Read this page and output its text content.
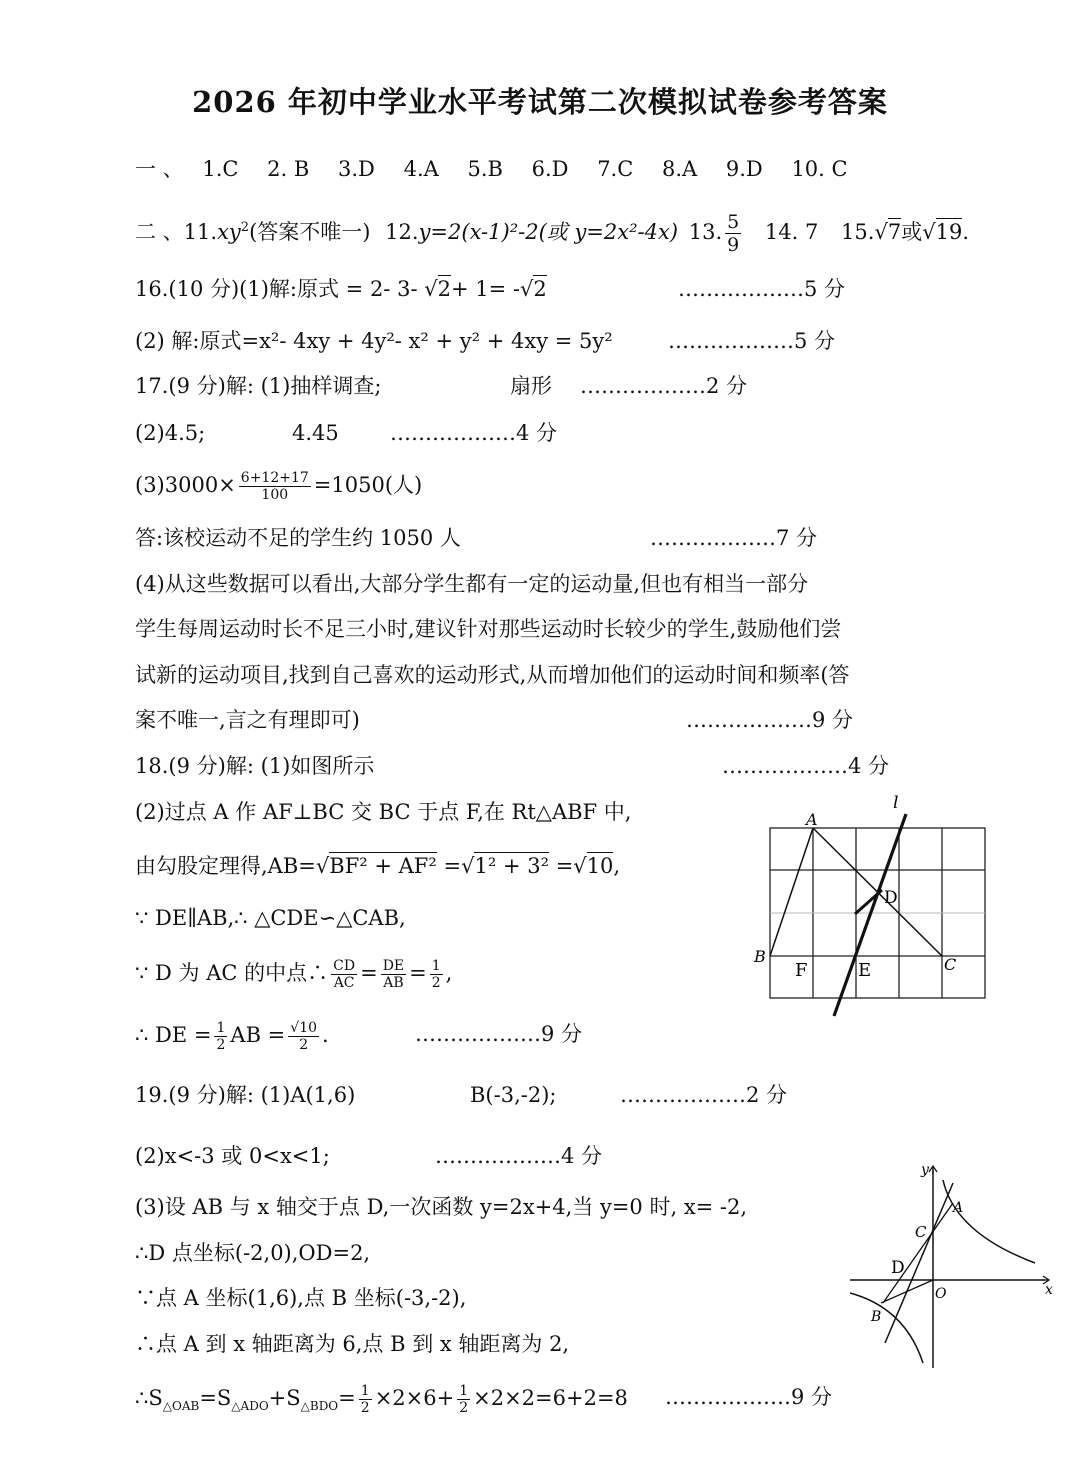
2026 年初中学业水平考试第二次模拟试卷参考答案
一 、 1.C 2. B 3.D 4.A 5.B 6.D 7.C 8.A 9.D 10. C
二 、$11.xy^2$(答案不唯一) 12.y=2(x-1)²-2(或 y=2x²-4x) 13. $\frac{5}{9} 14$. 7 15.√7或√19.
16.(10 分)(1)解:原式 = 2- 3- √2+ 1= -√2	………………5 分
(2) 解:原式=x²- 4xy + 4y²- x² + y² + 4xy = 5y²	………………5 分
17.(9 分)解: (1)抽样调查;	扇形 ………………2 分
(2)4.5;	4.45 ………………4 分
$(3)3000\times \frac{6+12+17}{100} =1050$(人)
答:该校运动不足的学生约 1050 人	………………7 分
(4)从这些数据可以看出,大部分学生都有一定的运动量,但也有相当一部分
学生每周运动时长不足三小时,建议针对那些运动时长较少的学生,鼓励他们尝
试新的运动项目,找到自己喜欢的运动形式,从而增加他们的运动时间和频率(答
案不唯一,言之有理即可)	………………9 分
18.(9 分)解: (1)如图所示	………………4 分
(2)过点 A 作 AF⊥BC 交 BC 于点 F,在 Rt△ABF 中,
由勾股定理得,AB=√BF² + AF² =√1² + 3² =√10,
∵ DE∥AB,∴ △CDE∽△CAB,
∵ D 为 AC 的中点∴ $\frac{CD}{AC} = \frac{DE}{AB} = \frac{1}{2}$ ,
∴ DE = $\frac{1}{2}$ AB = $\frac{√10}{2}$ .	………………9 分
A
B	C
D
E
F
l
19.(9 分)解: (1)A(1,6)	B(-3,-2);	………………2 分
(2)x<-3 或 0<x<1;	………………4 分
(3)设 AB 与 x 轴交于点 D,一次函数 y=2x+4,当 y=0 时, x= -2,
∴D 点坐标(-2,0),OD=2,
∵点 A 坐标(1,6),点 B 坐标(-3,-2),
∴点 A 到 x 轴距离为 6,点 B 到 x 轴距离为 2,
$\therefore S_{\triangle OAB}=S_{\triangle ADO}+S_{\triangle BDO}= \frac{1}{2} \times 2\times 6+ \frac{1}{2} \times 2\times 2=6+2=8$ ………………9 分
y
x
A
C
D
O
B
